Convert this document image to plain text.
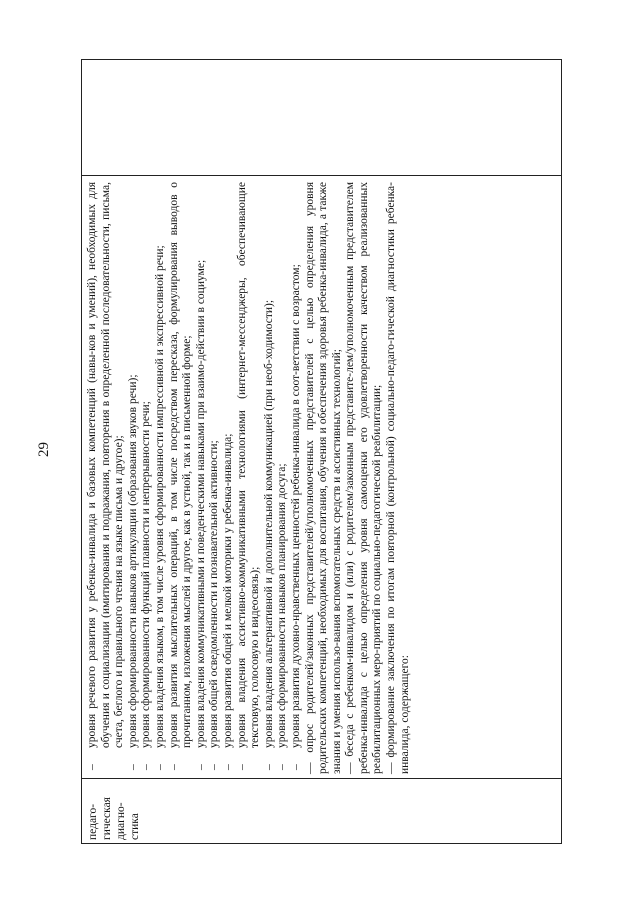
29
педаго- гическая диагно- стика
–
уровня речевого развития у ребенка-инвалида и базовых компетенций (навы-ков и умений), необходимых для обучения и социализации (имитирования и подражания, повторения в определенной последовательности, письма, счета, беглого и правильного чтения на языке письма и другое);
–
уровня сформированности навыков артикуляции (образования звуков речи);
–
уровня сформированности функций плавности и непрерывности речи;
–
уровня владения языком, в том числе уровня сформированности импрессивной и экспрессивной речи;
–
уровня развития мыслительных операций, в том числе посредством пересказа, формулирования выводов о прочитанном, изложения мыслей и другое, как в устной, так и в письменной форме;
–
уровня владения коммуникативными и поведенческими навыками при взаимо-действии в социуме;
–
уровня общей осведомленности и познавательной активности;
–
уровня развития общей и мелкой моторики у ребенка-инвалида;
–
уровня владения ассистивно-коммуникативными технологиями (интернет-мессенджеры, обеспечивающие текстовую, голосовую и видеосвязь);
–
уровня владения альтернативной и дополнительной коммуникацией (при необ-ходимости);
–
уровня сформированности навыков планирования досуга;
–
уровня развития духовно-нравственных ценностей ребенка-инвалида в соот-ветствии с возрастом; — опрос родителей/законных представителей/уполномоченных представителей с целью определения уровня родительских компетенций, необходимых для воспитания, обучения и обеспечения здоровья ребенка-инвалида, а также знания и умения использо-вания вспомогательных средств и ассистивных технологий; — беседа с ребенком-инвалидом и (или) с родителем/законным представите-лем/уполномоченным представителем ребенка-инвалида с целью определения уровня самооценки его удовлетворенности качеством реализованных реабилитационных меро-приятий по социально-педагогической реабилитации; — формирование заключения по итогам повторной (контрольной) социально-педаго-гической диагностики ребенка-инвалида, содержащего:
